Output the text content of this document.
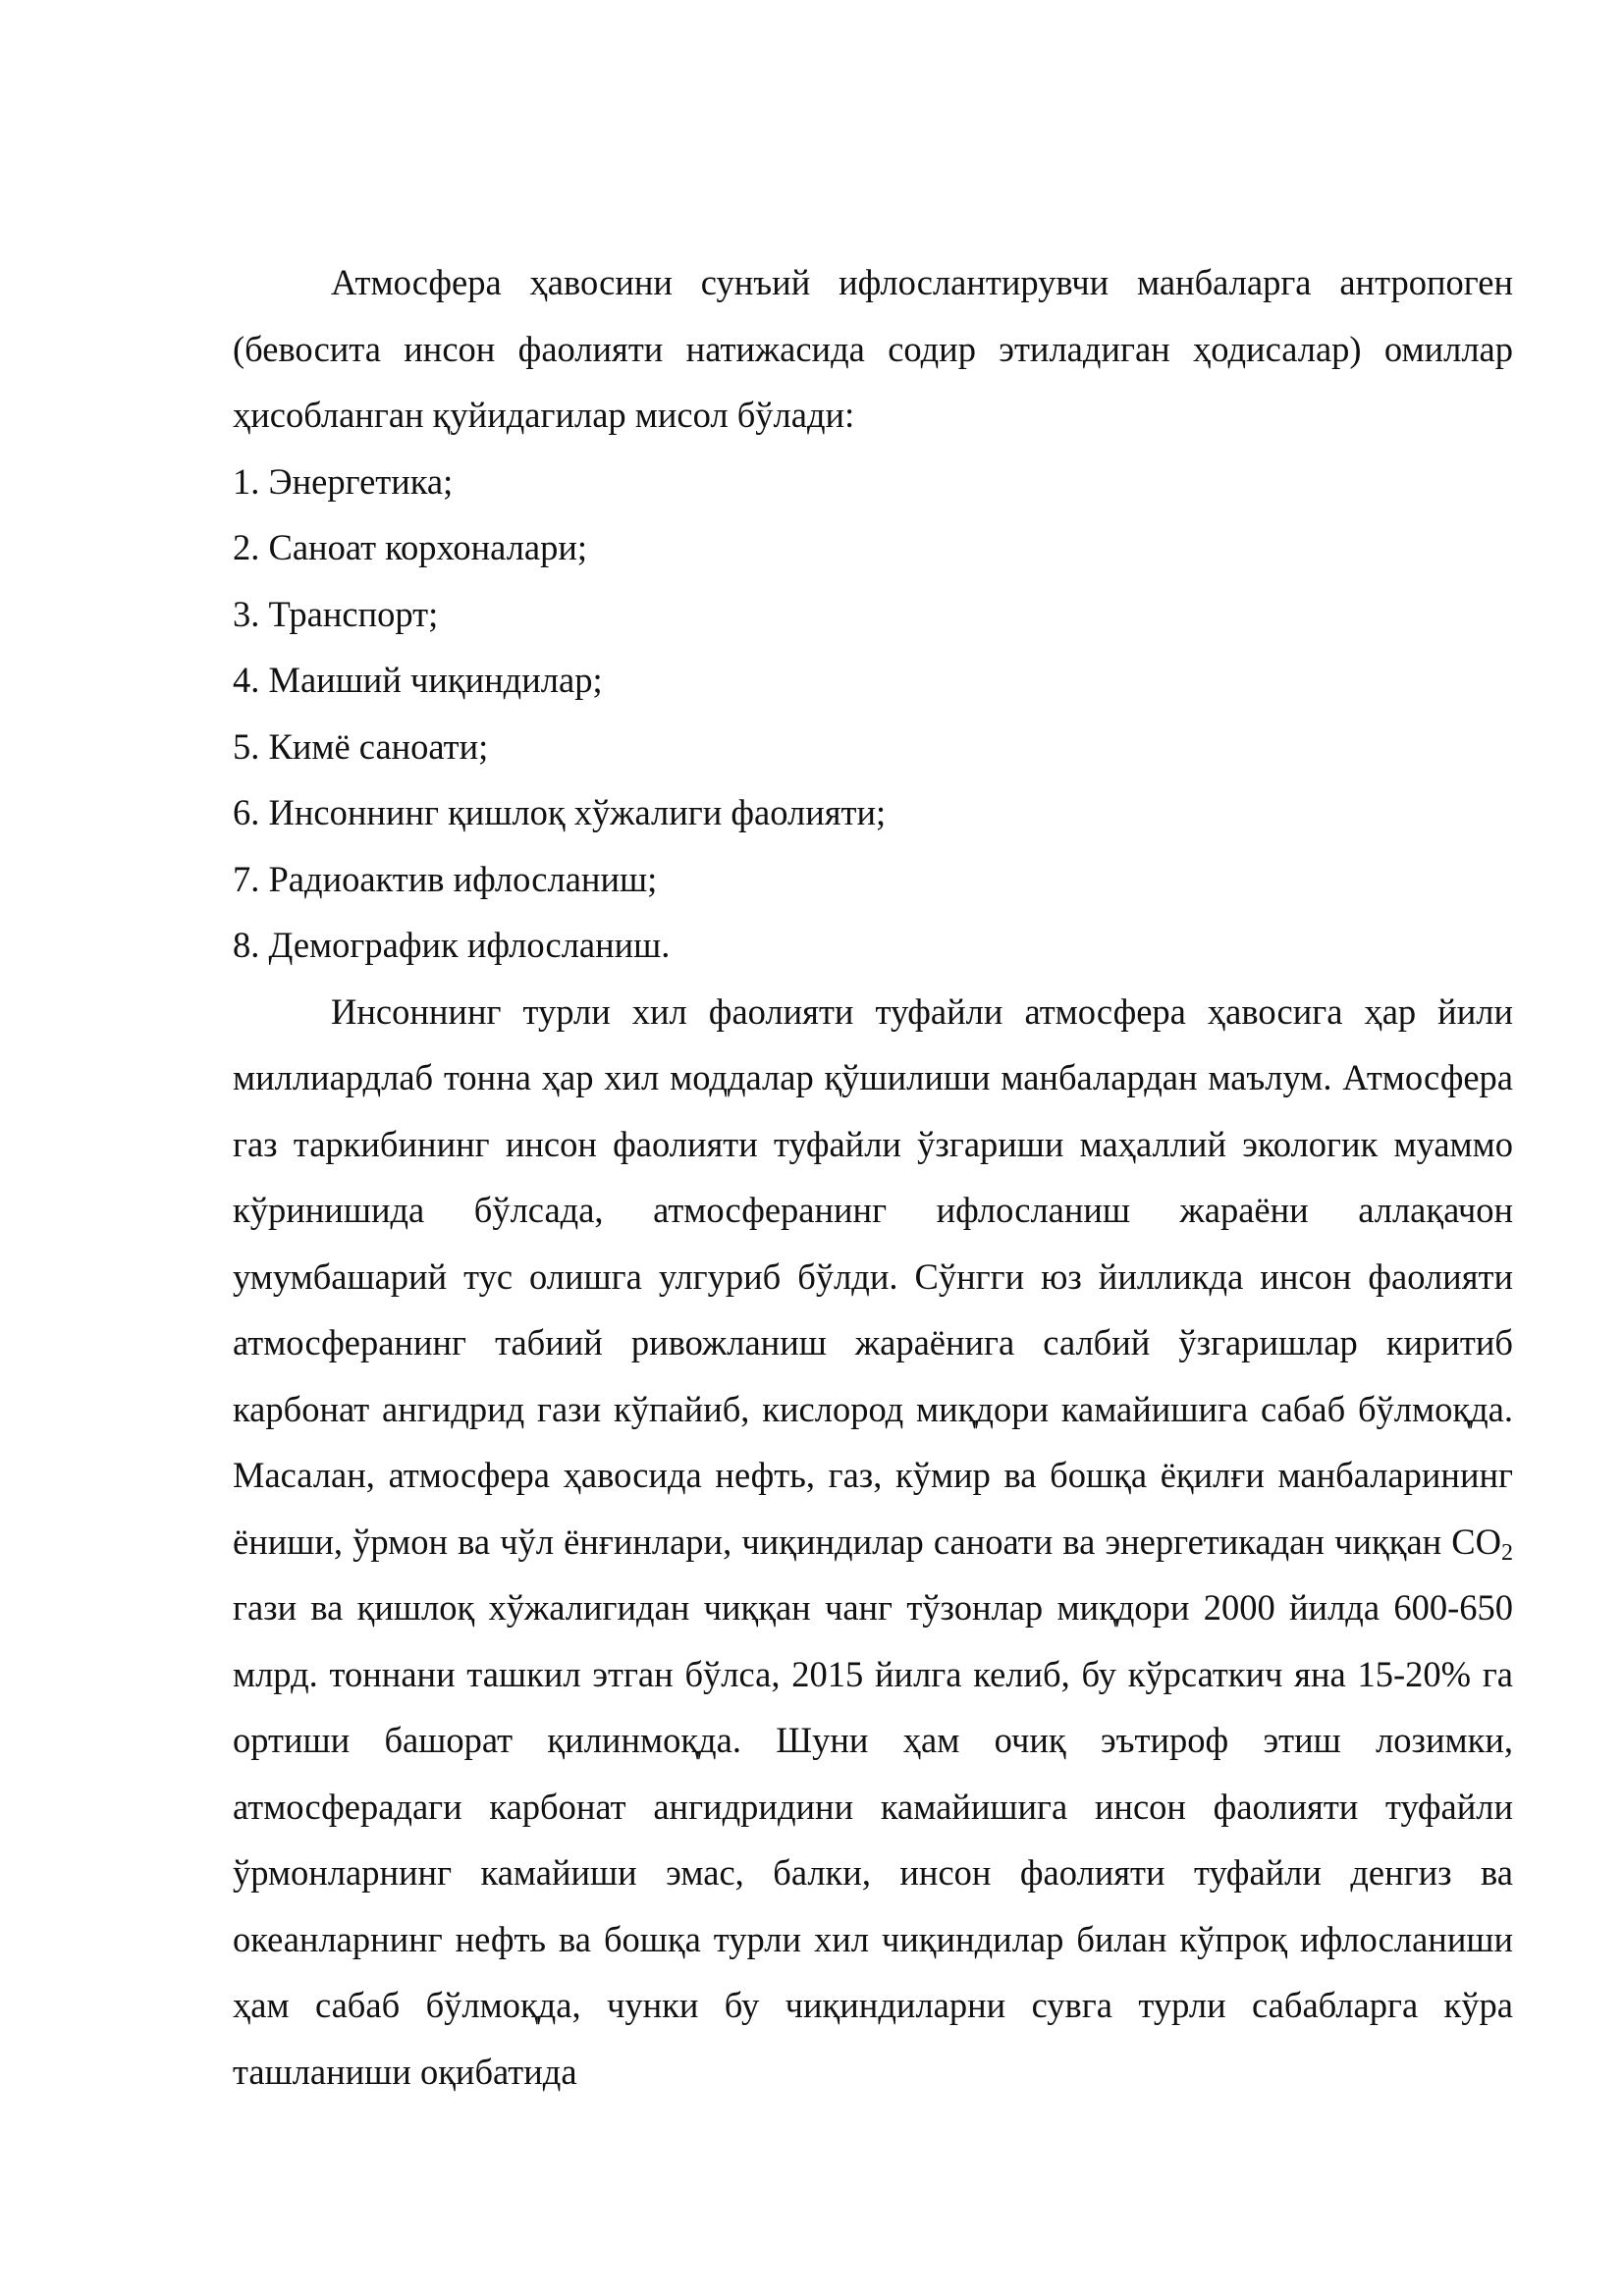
Атмосфера ҳавосини сунъий ифлослантирувчи манбаларга антропоген (бевосита инсон фаолияти натижасида содир этиладиган ҳодисалар) омиллар ҳисобланган қуйидагилар мисол бўлади:

1. Энергетика;

2. Саноат корхоналари;

3. Транспорт;

4. Маиший чиқиндилар;

5. Кимё саноати;

6. Инсоннинг қишлоқ хўжалиги фаолияти;

7. Радиоактив ифлосланиш;

8. Демографик ифлосланиш.

Инсоннинг турли хил фаолияти туфайли атмосфера ҳавосига ҳар йили миллиардлаб тонна ҳар хил моддалар қўшилиши манбалардан маълум. Атмосфера газ таркибининг инсон фаолияти туфайли ўзгариши маҳаллий экологик муаммо кўринишида бўлсада, атмосферанинг ифлосланиш жараёни аллақачон умумбашарий тус олишга улгуриб бўлди. Сўнгги юз йилликда инсон фаолияти атмосферанинг табиий ривожланиш жараёнига салбий ўзгаришлар киритиб карбонат ангидрид гази кўпайиб, кислород миқдори камайишига сабаб бўлмоқда. Масалан, атмосфера ҳавосида нефть, газ, кўмир ва бошқа ёқилғи манбаларининг ёниши, ўрмон ва чўл ёнғинлари, чиқиндилар саноати ва энергетикадан чиққан $CO_2$ гази ва қишлоқ хўжалигидан чиққан чанг тўзонлар миқдори 2000 йилда 600-650 млрд. тоннани ташкил этган бўлса, 2015 йилга келиб, бу кўрсаткич яна 15-20% га ортиши башорат қилинмоқда. Шуни ҳам очиқ эътироф этиш лозимки, атмосферадаги карбонат ангидридини камайишига инсон фаолияти туфайли ўрмонларнинг камайиши эмас, балки, инсон фаолияти туфайли денгиз ва океанларнинг нефть ва бошқа турли хил чиқиндилар билан кўпроқ ифлосланиши ҳам сабаб бўлмоқда, чунки бу чиқиндиларни сувга турли сабабларга кўра ташланиши оқибатида
